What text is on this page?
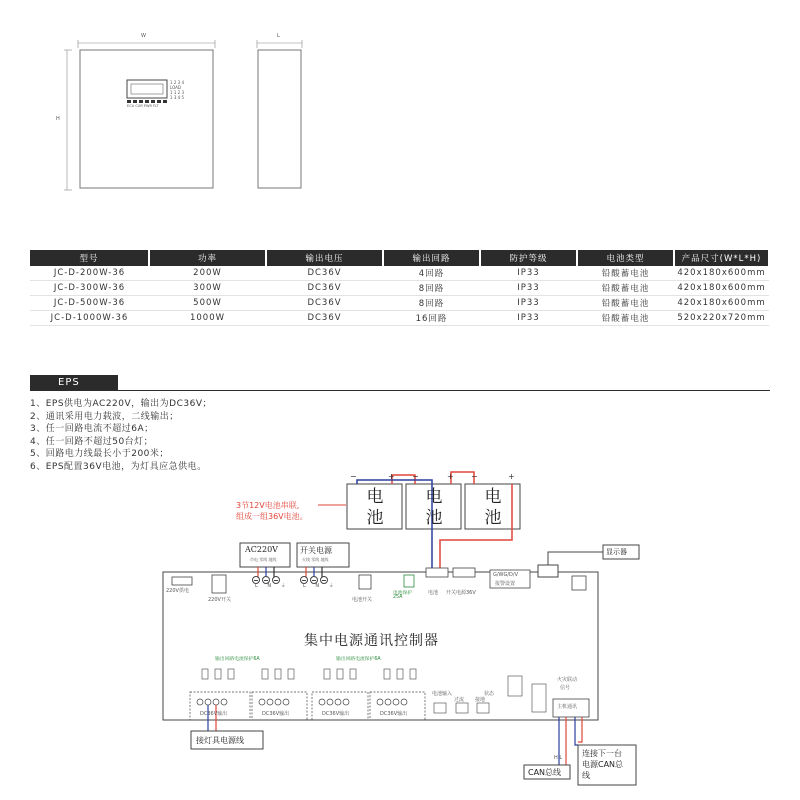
W
H
L
1 2 3 4
LOAD
1 1 2 3
1 3 4 5
ECU CUR PWR FLT
型号	功率	输出电压	输出回路	防护等级	电池类型	产品尺寸(W*L*H)
JC-D-200W-36	200W	DC36V	4回路	IP33	铅酸蓄电池	420x180x600mm
JC-D-300W-36	300W	DC36V	8回路	IP33	铅酸蓄电池	420x180x600mm
JC-D-500W-36	500W	DC36V	8回路	IP33	铅酸蓄电池	420x180x600mm
JC-D-1000W-36	1000W	DC36V	16回路	IP33	铅酸蓄电池	520x220x720mm
EPS
1、EPS供电为AC220V，输出为DC36V；
2、通讯采用电力载波，二线输出；
3、任一回路电流不超过6A；
4、任一回路不超过50台灯；
5、回路电力线最长小于200米；
6、EPS配置36V电池，为灯具应急供电。
电
池
电
池
电
池
−	+ −	+ −	+
3节12V电池串联,
组成一组36V电池。
AC220V
市电 零线 地线
开关电源
火线 零线 地线
显示器
L N ⏚	L N ⏚
220V供电
220V开关	电池开关
电池保护
25A
电池 开关电源36V
G/WG/D/V
报警设置
集中电源通讯控制器
输出回路电流保护6A	输出回路电流保护6A
DC36V输出	DC36V输出	DC36V输出	DC36V输出
电池输入
过流 接地
状态
火灾联动
信号
主机通讯
接灯具电源线
H L
CAN总线
连接下一台
电源CAN总
线
